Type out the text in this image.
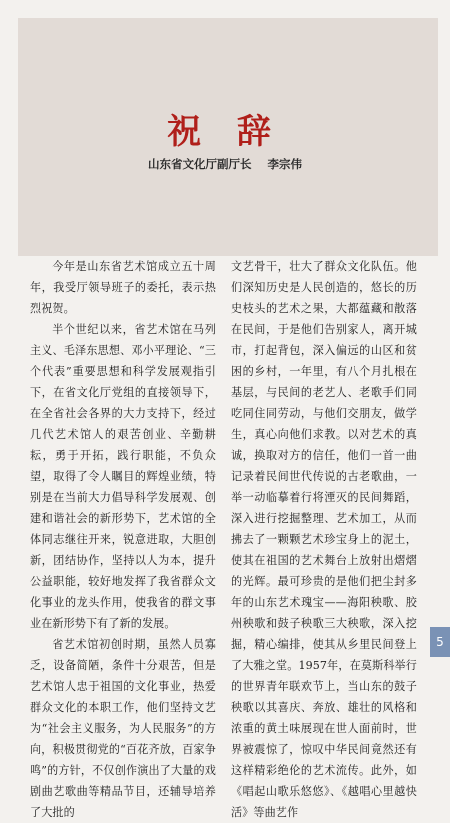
祝 辞
山东省文化厅副厅长 李宗伟

今年是山东省艺术馆成立五十周年，我受厅领导班子的委托，表示热烈祝贺。

半个世纪以来，省艺术馆在马列主义、毛泽东思想、邓小平理论、“三个代表”重要思想和科学发展观指引下，在省文化厅党组的直接领导下，在全省社会各界的大力支持下，经过几代艺术馆人的艰苦创业、辛勤耕耘，勇于开拓，践行职能，不负众望，取得了令人瞩目的辉煌业绩，特别是在当前大力倡导科学发展观、创建和谐社会的新形势下，艺术馆的全体同志继往开来，锐意进取，大胆创新，团结协作，坚持以人为本，提升公益职能，较好地发挥了我省群众文化事业的龙头作用，使我省的群文事业在新形势下有了新的发展。

省艺术馆初创时期，虽然人员寡乏，设备简陋，条件十分艰苦，但是艺术馆人忠于祖国的文化事业，热爱群众文化的本职工作，他们坚持文艺为“社会主义服务，为人民服务”的方向，积极贯彻党的“百花齐放，百家争鸣”的方针，不仅创作演出了大量的戏剧曲艺歌曲等精品节目，还辅导培养了大批的

文艺骨干，壮大了群众文化队伍。他们深知历史是人民创造的，悠长的历史枝头的艺术之果，大都蕴藏和散落在民间，于是他们告别家人，离开城市，打起背包，深入偏远的山区和贫困的乡村，一年里，有八个月扎根在基层，与民间的老艺人、老歌手们同吃同住同劳动，与他们交朋友，做学生，真心向他们求教。以对艺术的真诚，换取对方的信任，他们一首一曲记录着民间世代传说的古老歌曲，一举一动临摹着行将湮灭的民间舞蹈，深入进行挖掘整理、艺术加工，从而拂去了一颗颗艺术珍宝身上的泥土，使其在祖国的艺术舞台上放射出熠熠的光辉。最可珍贵的是他们把尘封多年的山东艺术瑰宝——海阳秧歌、胶州秧歌和鼓子秧歌三大秧歌，深入挖掘，精心编排，使其从乡里民间登上了大雅之堂。1957年，在莫斯科举行的世界青年联欢节上，当山东的鼓子秧歌以其喜庆、奔放、雄壮的风格和浓重的黄土味展现在世人面前时，世界被震惊了，惊叹中华民间竟然还有这样精彩绝伦的艺术流传。此外，如《唱起山歌乐悠悠》、《越唱心里越快活》等曲艺作

5
